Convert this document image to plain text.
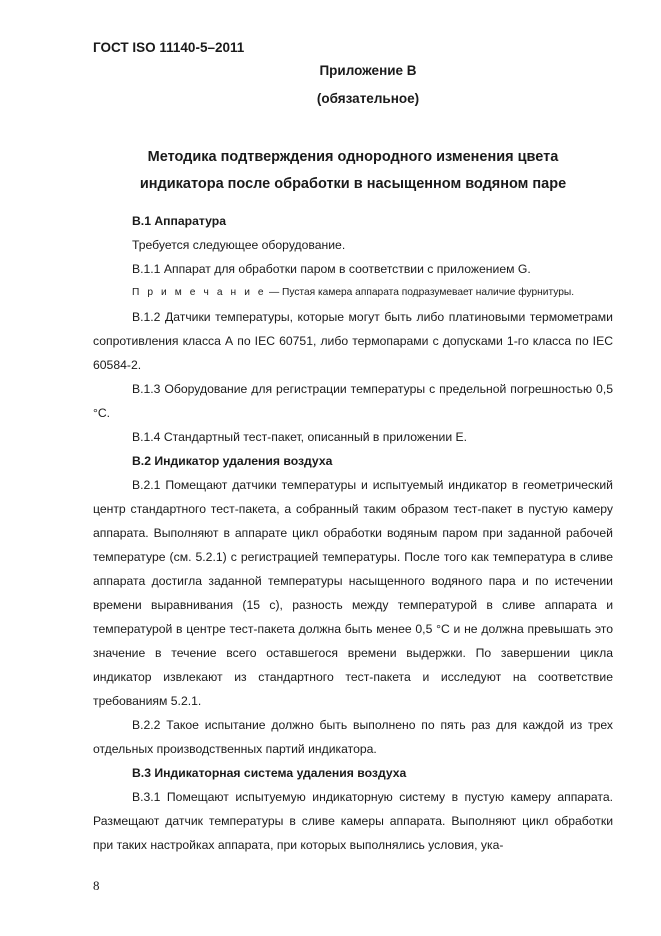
ГОСТ ISO 11140-5–2011
Приложение В
(обязательное)
Методика подтверждения однородного изменения цвета
индикатора после обработки в насыщенном водяном паре

В.1 Аппаратура

Требуется следующее оборудование.

В.1.1 Аппарат для обработки паром в соответствии с приложением G.

П р и м е ч а н и е — Пустая камера аппарата подразумевает наличие фурнитуры.

В.1.2 Датчики температуры, которые могут быть либо платиновыми термометрами сопротивления класса А по IEC 60751, либо термопарами с допусками 1-го класса по IEC 60584-2.

В.1.3 Оборудование для регистрации температуры с предельной погрешностью 0,5 °С.

В.1.4 Стандартный тест-пакет, описанный в приложении Е.

В.2 Индикатор удаления воздуха

В.2.1 Помещают датчики температуры и испытуемый индикатор в геометрический центр стандартного тест-пакета, а собранный таким образом тест-пакет в пустую камеру аппарата. Выполняют в аппарате цикл обработки водяным паром при заданной рабочей температуре (см. 5.2.1) с регистрацией температуры. После того как температура в сливе аппарата достигла заданной температуры насыщенного водяного пара и по истечении времени выравнивания (15 с), разность между температурой в сливе аппарата и температурой в центре тест-пакета должна быть менее 0,5 °С и не должна превышать это значение в течение всего оставшегося времени выдержки. По завершении цикла индикатор извлекают из стандартного тест-пакета и исследуют на соответствие требованиям 5.2.1.

В.2.2 Такое испытание должно быть выполнено по пять раз для каждой из трех отдельных производственных партий индикатора.

В.3 Индикаторная система удаления воздуха

В.3.1 Помещают испытуемую индикаторную систему в пустую камеру аппарата. Размещают датчик температуры в сливе камеры аппарата. Выполняют цикл обработки при таких настройках аппарата, при которых выполнялись условия, ука-

8
